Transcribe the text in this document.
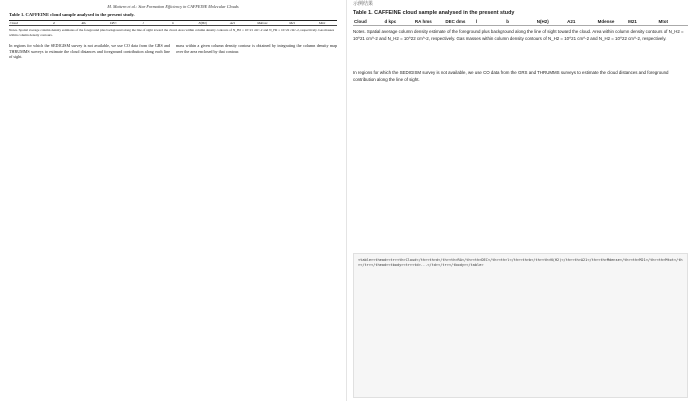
M. Mattern et al.: Star Formation Efficiency in CAFFEINE Molecular Clouds
Table 1. CAFFEINE cloud sample analysed in the present study.
Cloud	d	RA	DEC	l	b	N(H2)	A21	Mdense	M21	Mtot
Notes. Spatial average column density estimates of the foreground plus background along the line of sight toward the cloud. Area within column density contours of N_H2 = 10^21 cm^-2 and N_H2 = 10^22 cm^-2, respectively. Gas masses within column density contours.

In regions for which the SEDIGISM survey is not available, we use CO data from the GRS and THRUMMS surveys to estimate the cloud distances and foreground contribution along each line of sight.

mass within a given column density contour is obtained by integrating the column density map over the area enclosed by that contour.

示例结果
Table 1. CAFFEINE cloud sample analysed in the present study
Cloud	d kpc	RA hms	DEC dms	l	b	N(H2)	A21	Mdense	M21	Mtot
Notes. Spatial average column density estimate of the foreground plus background along the line of sight toward the cloud. Area within column density contours of N_H2 = 10^21 cm^-2 and N_H2 = 10^22 cm^-2, respectively. Gas masses within column density contours of N_H2 = 10^21 cm^-2 and N_H2 = 10^22 cm^-2, respectively.
In regions for which the SEDIGISM survey is not available, we use CO data from the GRS and THRUMMS surveys to estimate the cloud distances and foreground contribution along the line of sight.
<table><thead><tr><th>Cloud</th><th>d</th><th>RA</th><th>DEC</th><th>l</th><th>b</th><th>N(H2)</th><th>A21</th><th>Mdense</th><th>M21</th><th>Mtot</th></tr></thead><tbody><tr><td>...</td></tr></tbody></table>
